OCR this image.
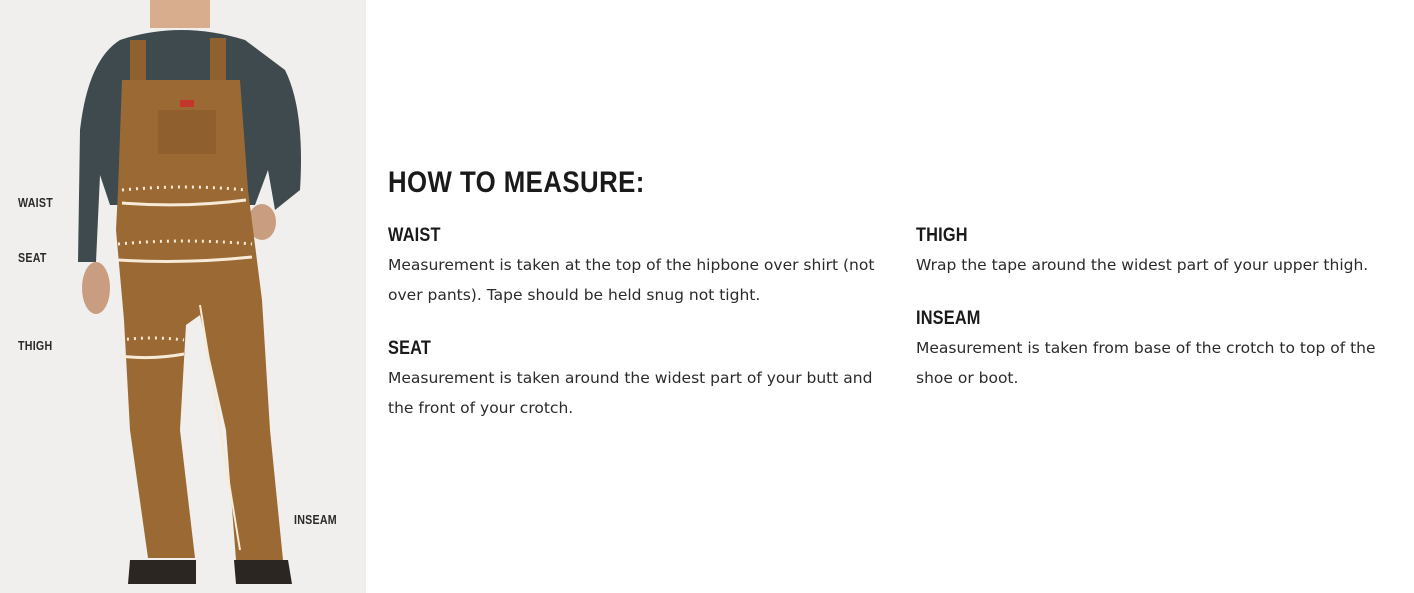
WAIST
SEAT
THIGH
INSEAM
HOW TO MEASURE:
WAIST

Measurement is taken at the top of the hipbone over shirt (not over pants). Tape should be held snug not tight.

SEAT

Measurement is taken around the widest part of your butt and the front of your crotch.

THIGH

Wrap the tape around the widest part of your upper thigh.

INSEAM

Measurement is taken from base of the crotch to top of the shoe or boot.
